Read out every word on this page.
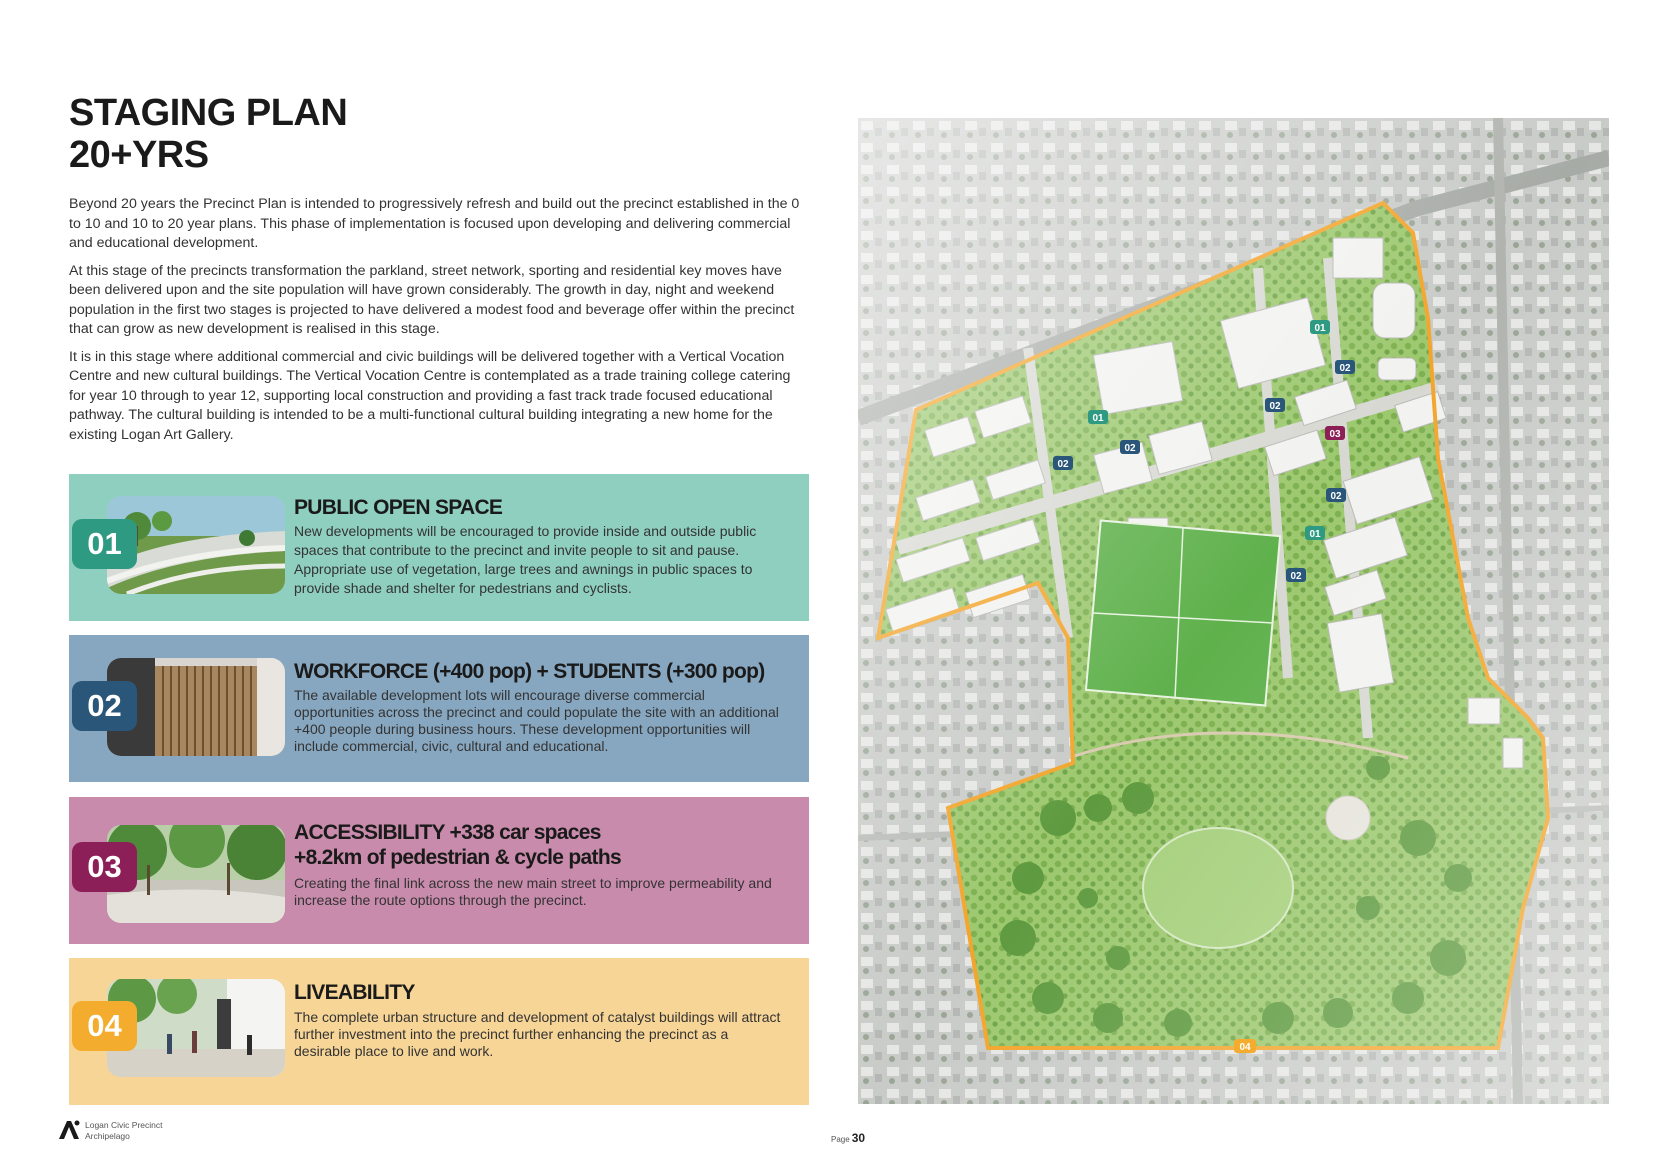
STAGING PLAN
20+YRS

Beyond 20 years the Precinct Plan is intended to progressively refresh and build out the precinct established in the 0 to 10 and 10 to 20 year plans. This phase of implementation is focused upon developing and delivering commercial and educational development.

At this stage of the precincts transformation the parkland, street network, sporting and residential key moves have been delivered upon and the site population will have grown considerably. The growth in day, night and weekend population in the first two stages is projected to have delivered a modest food and beverage offer within the precinct that can grow as new development is realised in this stage.

It is in this stage where additional commercial and civic buildings will be delivered together with a Vertical Vocation Centre and new cultural buildings. The Vertical Vocation Centre is contemplated as a trade training college catering for year 10 through to year 12, supporting local construction and providing a fast track trade focused educational pathway. The cultural building is intended to be a multi-functional cultural building integrating a new home for the existing Logan Art Gallery.

01
PUBLIC OPEN SPACE
New developments will be encouraged to provide inside and outside public spaces that contribute to the precinct and invite people to sit and pause. Appropriate use of vegetation, large trees and awnings in public spaces to provide shade and shelter for pedestrians and cyclists.
02
WORKFORCE (+400 pop) + STUDENTS (+300 pop)
The available development lots will encourage diverse commercial opportunities across the precinct and could populate the site with an additional +400 people during business hours. These development opportunities will include commercial, civic, cultural and educational.
03
ACCESSIBILITY +338 car spaces
+8.2km of pedestrian & cycle paths
Creating the final link across the new main street to improve permeability and increase the route options through the precinct.
04
LIVEABILITY
The complete urban structure and development of catalyst buildings will attract further investment into the precinct further enhancing the precinct as a desirable place to live and work.
01
01
01
02
02
02
02
02
02
03
04
Logan Civic Precinct
Archipelago	Page 30
